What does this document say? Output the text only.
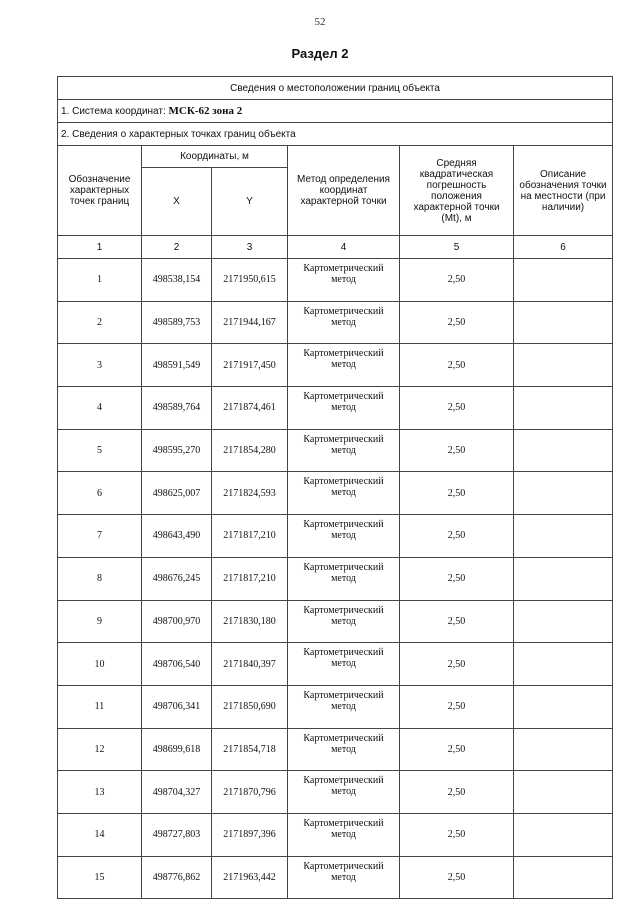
52
Раздел 2
Сведения о местоположении границ объекта					
1. Система координат: МСК-62 зона 2					
2. Сведения о характерных точках границ объекта					
Обозначение характерных точек границ	Координаты, м		Метод определения координат характерной точки	Средняя квадратическая погрешность положения характерной точки (Mt), м	Описание обозначения точки на местности (при наличии)
	X	Y			
1	2	3	4	5	6
1	498538,154	2171950,615	Картометрический метод	2,50	
2	498589,753	2171944,167	Картометрический метод	2,50	
3	498591,549	2171917,450	Картометрический метод	2,50	
4	498589,764	2171874,461	Картометрический метод	2,50	
5	498595,270	2171854,280	Картометрический метод	2,50	
6	498625,007	2171824,593	Картометрический метод	2,50	
7	498643,490	2171817,210	Картометрический метод	2,50	
8	498676,245	2171817,210	Картометрический метод	2,50	
9	498700,970	2171830,180	Картометрический метод	2,50	
10	498706,540	2171840,397	Картометрический метод	2,50	
11	498706,341	2171850,690	Картометрический метод	2,50	
12	498699,618	2171854,718	Картометрический метод	2,50	
13	498704,327	2171870,796	Картометрический метод	2,50	
14	498727,803	2171897,396	Картометрический метод	2,50	
15	498776,862	2171963,442	Картометрический метод	2,50	
